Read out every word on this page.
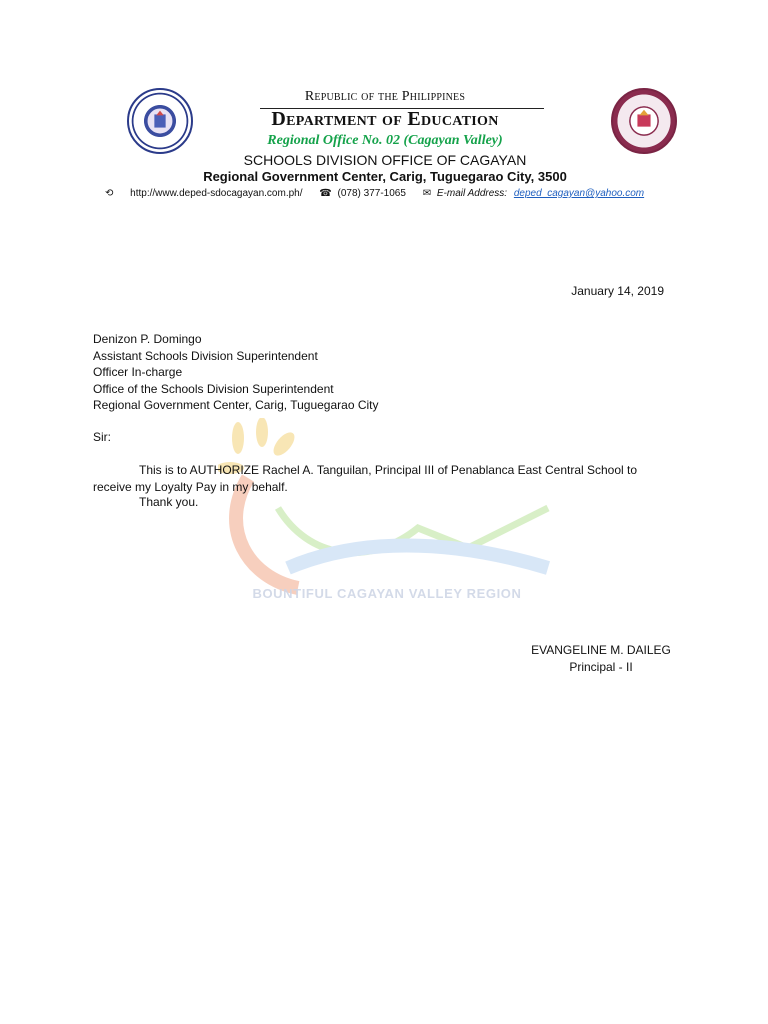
Republic of the Philippines
Department of Education
Regional Office No. 02 (Cagayan Valley)
SCHOOLS DIVISION OFFICE OF CAGAYAN
Regional Government Center, Carig, Tuguegarao City, 3500
⟲ http://www.deped-sdocagayan.com.ph/ ☎ (078) 377-1065 ✉ E-mail Address: deped_cagayan@yahoo.com
BOUNTIFUL CAGAYAN VALLEY REGION
January 14, 2019
Denizon P. Domingo
Assistant Schools Division Superintendent
Officer In-charge
Office of the Schools Division Superintendent
Regional Government Center, Carig, Tuguegarao City
Sir:
This is to AUTHORIZE Rachel A. Tanguilan, Principal III of Penablanca East Central School to receive my Loyalty Pay in my behalf.
Thank you.
EVANGELINE M. DAILEG
Principal - II
